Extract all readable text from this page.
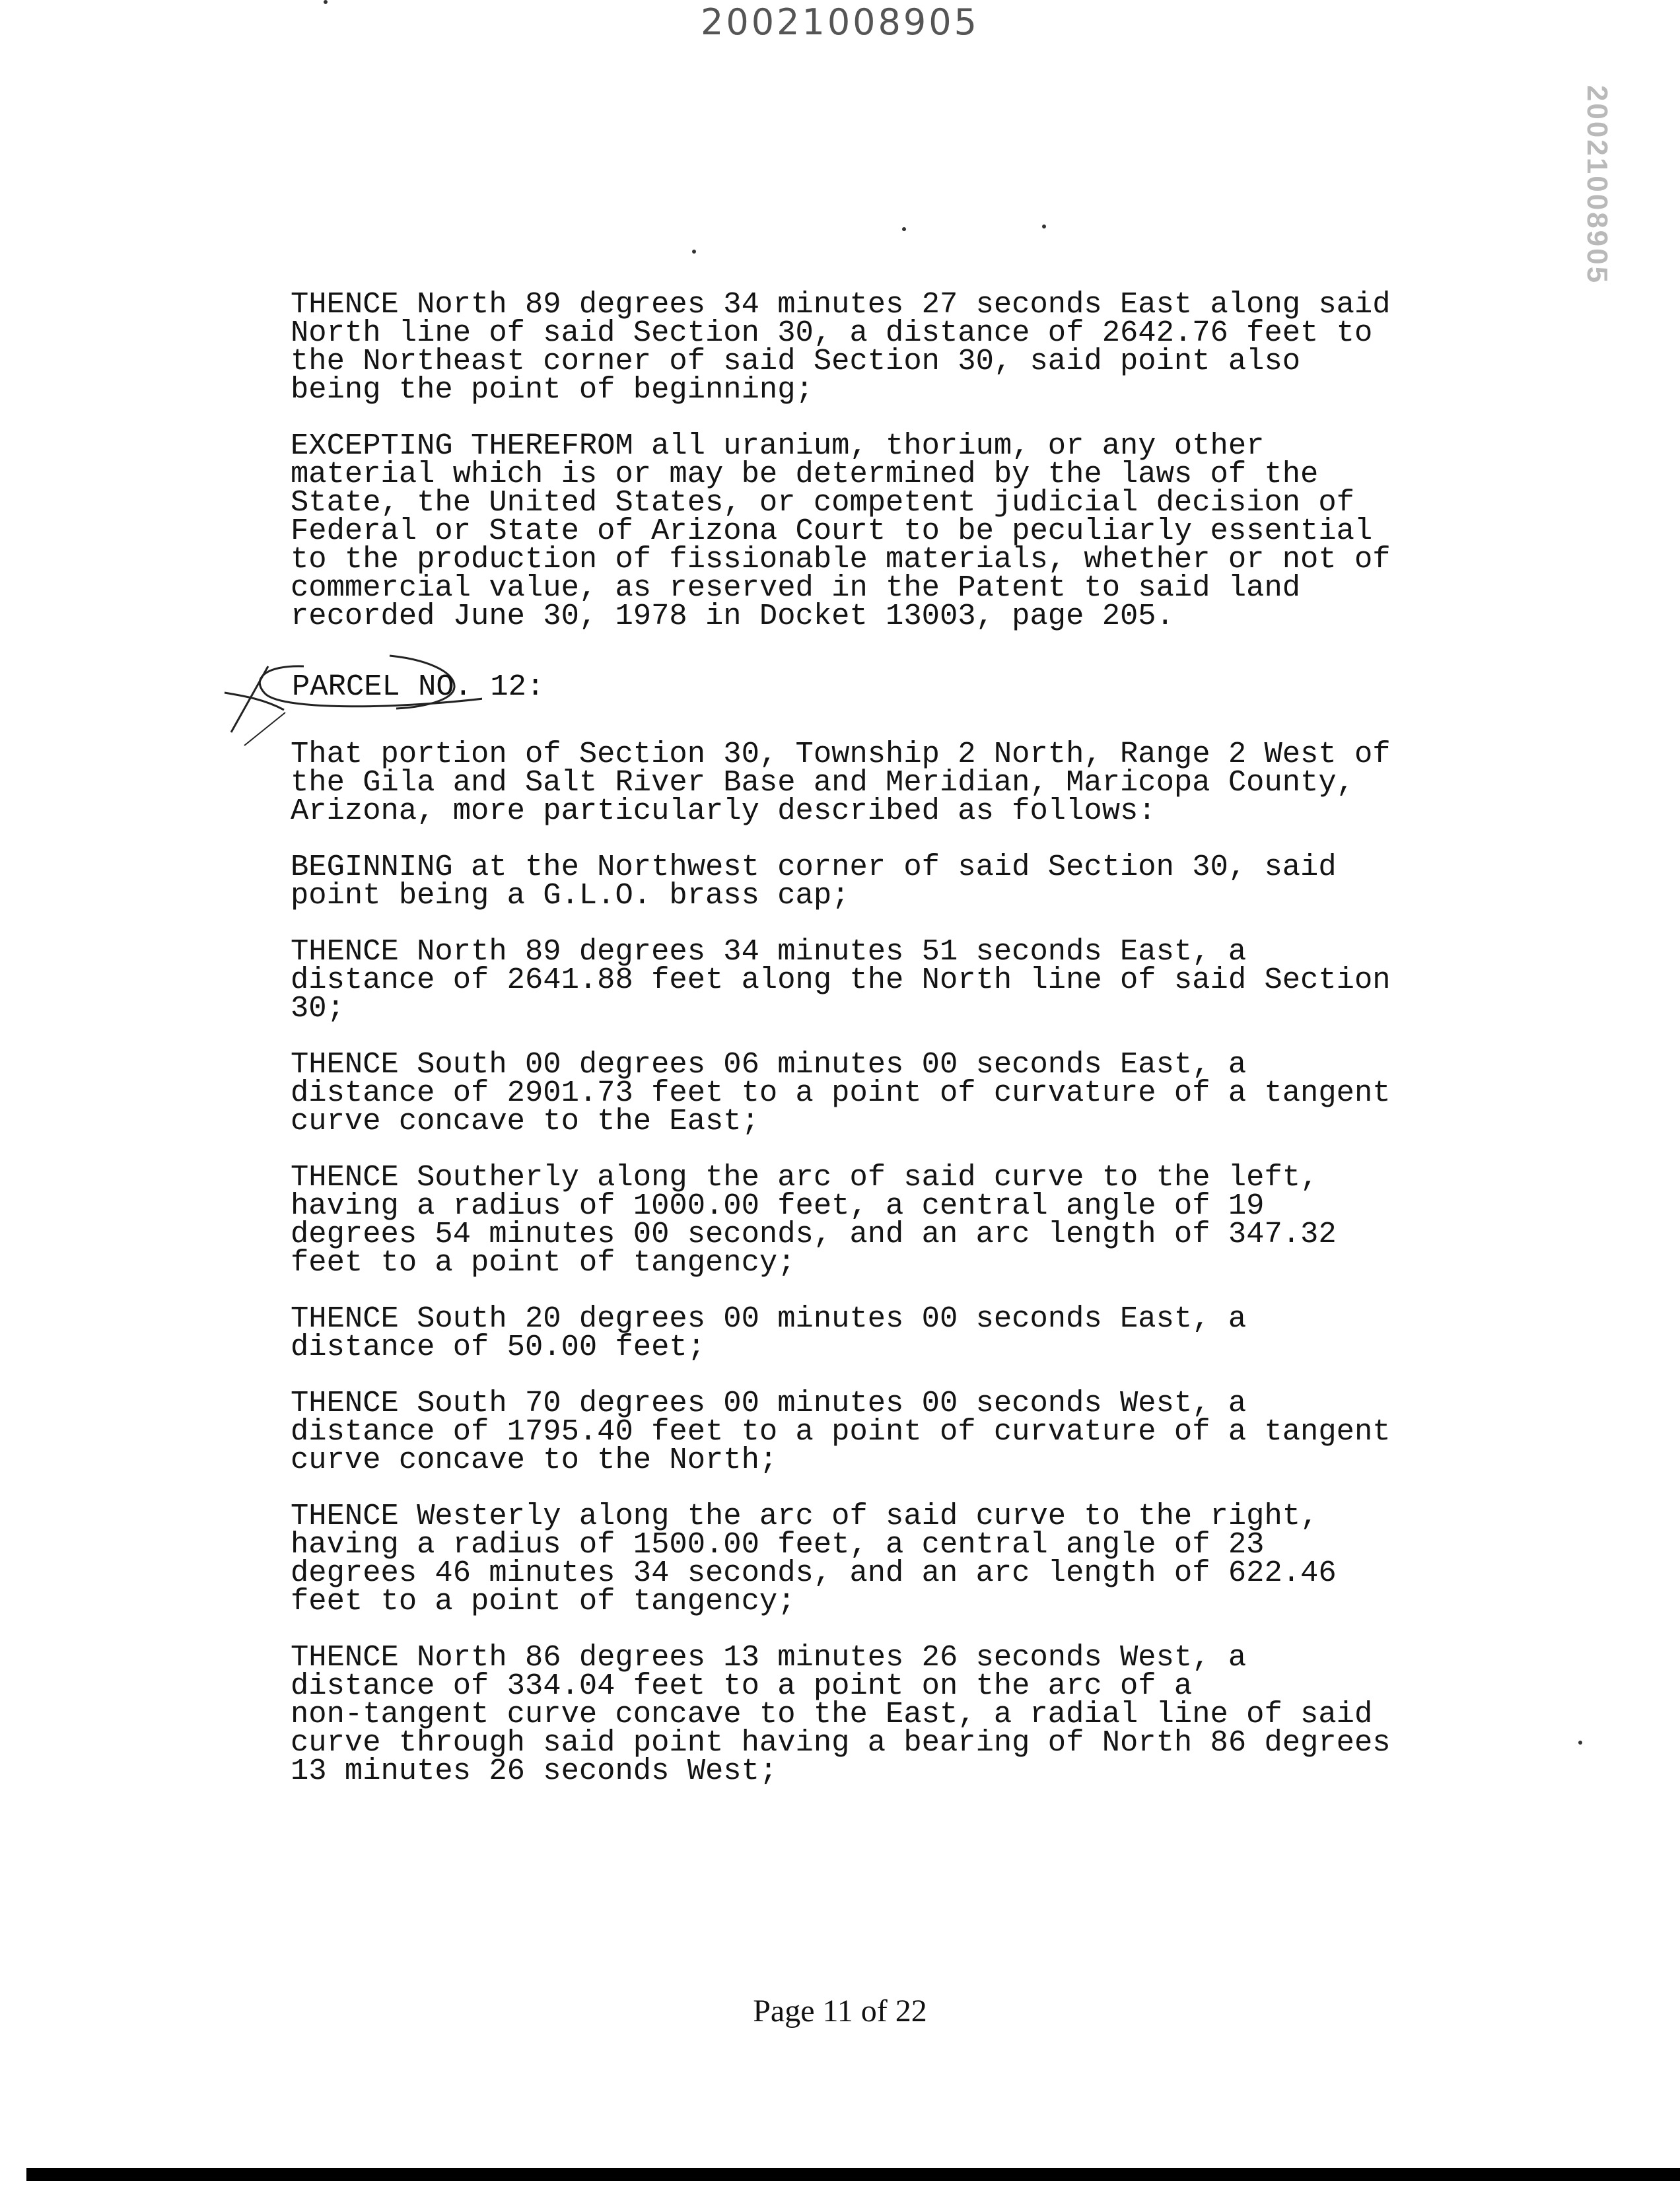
20021008905
20021008905

THENCE North 89 degrees 34 minutes 27 seconds East along said
North line of said Section 30, a distance of 2642.76 feet to
the Northeast corner of said Section 30, said point also
being the point of beginning;

EXCEPTING THEREFROM all uranium, thorium, or any other
material which is or may be determined by the laws of the
State, the United States, or competent judicial decision of
Federal or State of Arizona Court to be peculiarly essential
to the production of fissionable materials, whether or not of
commercial value, as reserved in the Patent to said land
recorded June 30, 1978 in Docket 13003, page 205.

PARCEL NO. 12:

That portion of Section 30, Township 2 North, Range 2 West of
the Gila and Salt River Base and Meridian, Maricopa County,
Arizona, more particularly described as follows:

BEGINNING at the Northwest corner of said Section 30, said
point being a G.L.O. brass cap;

THENCE North 89 degrees 34 minutes 51 seconds East, a
distance of 2641.88 feet along the North line of said Section
30;

THENCE South 00 degrees 06 minutes 00 seconds East, a
distance of 2901.73 feet to a point of curvature of a tangent
curve concave to the East;

THENCE Southerly along the arc of said curve to the left,
having a radius of 1000.00 feet, a central angle of 19
degrees 54 minutes 00 seconds, and an arc length of 347.32
feet to a point of tangency;

THENCE South 20 degrees 00 minutes 00 seconds East, a
distance of 50.00 feet;

THENCE South 70 degrees 00 minutes 00 seconds West, a
distance of 1795.40 feet to a point of curvature of a tangent
curve concave to the North;

THENCE Westerly along the arc of said curve to the right,
having a radius of 1500.00 feet, a central angle of 23
degrees 46 minutes 34 seconds, and an arc length of 622.46
feet to a point of tangency;

THENCE North 86 degrees 13 minutes 26 seconds West, a
distance of 334.04 feet to a point on the arc of a
non-tangent curve concave to the East, a radial line of said
curve through said point having a bearing of North 86 degrees
13 minutes 26 seconds West;

Page 11 of 22
